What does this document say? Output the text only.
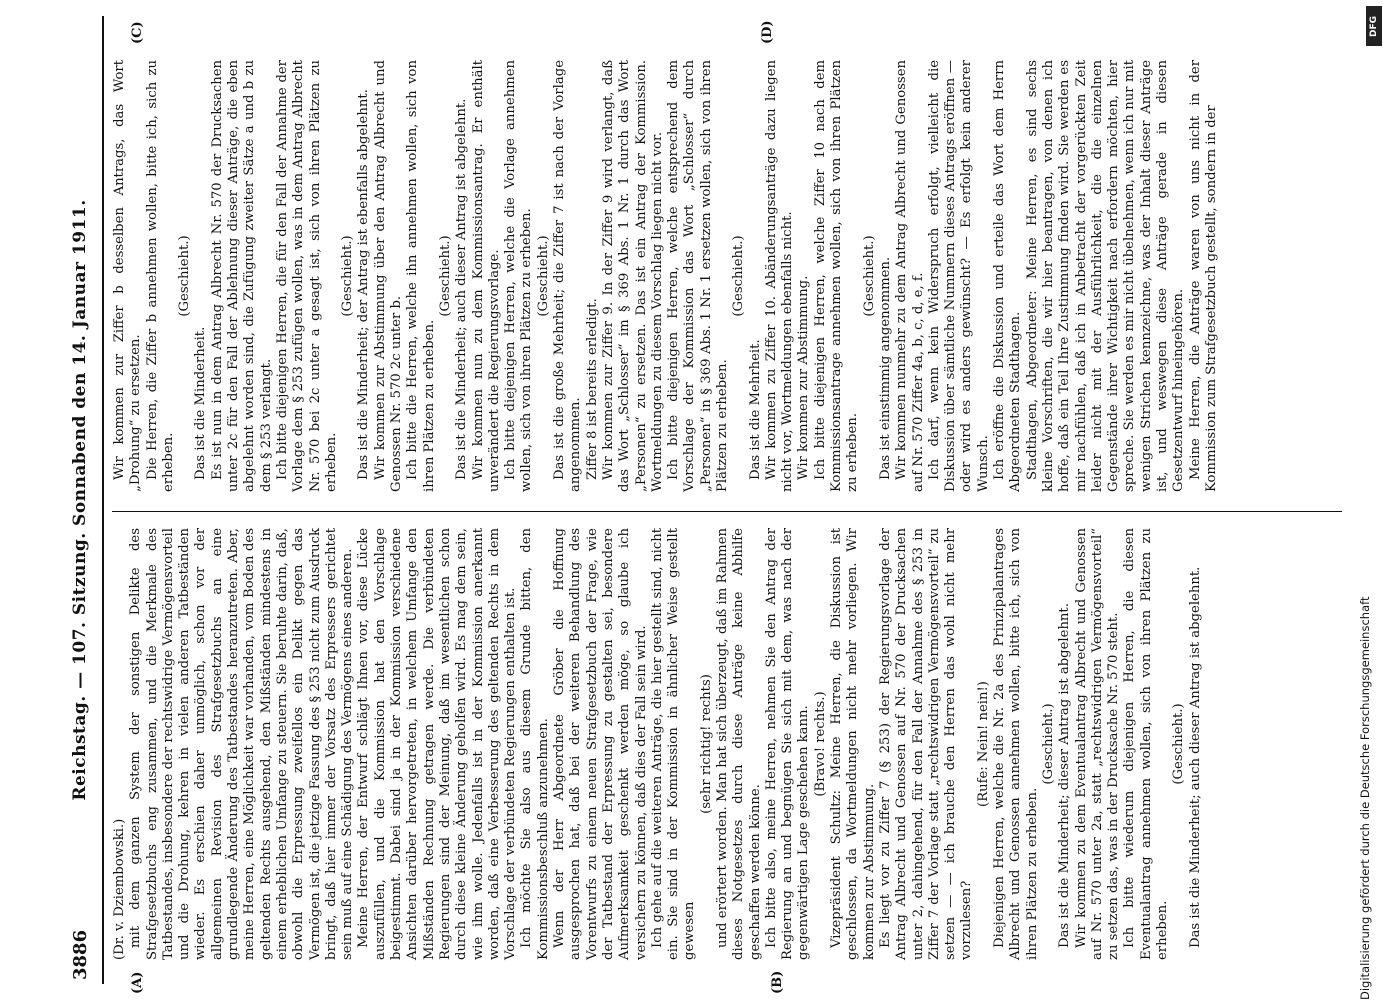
3886
Reichstag. — 107. Sitzung. Sonnabend den 14. Januar 1911.
(A)	(B)
(C)	(D)

(Dr. v. Dziembowski.) mit dem ganzen System der sonstigen Delikte des Strafgesetzbuchs eng zusammen, und die Merkmale des Tatbestandes, insbesondere der rechtswidrige Vermögensvorteil und die Drohung, kehren in vielen anderen Tatbeständen wieder. Es erschien daher unmöglich, schon vor der allgemeinen Revision des Strafgesetzbuchs an eine grundlegende Änderung des Tatbestandes heranzutreten. Aber, meine Herren, eine Möglichkeit war vorhanden, vom Boden des geltenden Rechts ausgehend, den Mißständen mindestens in einem erheblichen Umfange zu steuern. Sie beruhte darin, daß, obwohl die Erpressung zweifellos ein Delikt gegen das Vermögen ist, die jetzige Fassung des § 253 nicht zum Ausdruck bringt, daß hier immer der Vorsatz des Erpressers gerichtet sein muß auf eine Schädigung des Vermögens eines anderen. Meine Herren, der Entwurf schlägt Ihnen vor, diese Lücke auszufüllen, und die Kommission hat den Vorschlage beigestimmt. Dabei sind ja in der Kommission verschiedene Ansichten darüber hervorgetreten, in welchem Umfange den Mißständen Rechnung getragen werde. Die verbündeten Regierungen sind der Meinung, daß im wesentlichen schon durch diese kleine Änderung geholfen wird. Es mag dem sein, wie ihm wolle. Jedenfalls ist in der Kommission anerkannt worden, daß eine Verbesserung des geltenden Rechts in dem Vorschlage der verbündeten Regierungen enthalten ist. Ich möchte Sie also aus diesem Grunde bitten, den Kommissionsbeschluß anzunehmen. Wenn der Herr Abgeordnete Gröber die Hoffnung ausgesprochen hat, daß bei der weiteren Behandlung des Vorentwurfs zu einem neuen Strafgesetzbuch der Frage, wie der Tatbestand der Erpressung zu gestalten sei, besondere Aufmerksamkeit geschenkt werden möge, so glaube ich versichern zu können, daß dies der Fall sein wird. Ich gehe auf die weiteren Anträge, die hier gestellt sind, nicht ein. Sie sind in der Kommission in ähnlicher Weise gestellt gewesen

(sehr richtig! rechts) und erörtert worden. Man hat sich überzeugt, daß im Rahmen dieses Notgesetzes durch diese Anträge keine Abhilfe geschaffen werden könne. Ich bitte also, meine Herren, nehmen Sie den Antrag der Regierung an und begnügen Sie sich mit dem, was nach der gegenwärtigen Lage geschehen kann. (Bravo! rechts.) Vizepräsident Schultz: Meine Herren, die Diskussion ist geschlossen, da Wortmeldungen nicht mehr vorliegen. Wir kommen zur Abstimmung. Es liegt vor zu Ziffer 7 (§ 253) der Regierungsvorlage der Antrag Albrecht und Genossen auf Nr. 570 der Drucksachen unter 2, dahingehend, für den Fall der Annahme des § 253 in Ziffer 7 der Vorlage statt „rechtswidrigen Vermögensvorteil“ zu setzen — — ich brauche den Herren das wohl nicht mehr vorzulesen?

(Rufe: Nein! nein!) Diejenigen Herren, welche die Nr. 2a des Prinzipalantrages Albrecht und Genossen annehmen wollen, bitte ich, sich von ihren Plätzen zu erheben.

(Geschieht.) Das ist die Minderheit; dieser Antrag ist abgelehnt. Wir kommen zu dem Eventualantrag Albrecht und Genossen auf Nr. 570 unter 2a, statt „rechtswidrigen Vermögensvorteil“ zu setzen das, was in der Drucksache Nr. 570 steht. Ich bitte wiederum diejenigen Herren, die diesen Eventualantrag annehmen wollen, sich von ihren Plätzen zu erheben.

(Geschieht.) Das ist die Minderheit; auch dieser Antrag ist abgelehnt.

Wir kommen zur Ziffer b desselben Antrags, das Wort „Drohung“ zu ersetzen. Die Herren, die Ziffer b annehmen wollen, bitte ich, sich zu erheben.

(Geschieht.)

Das ist die Minderheit. Es ist nun in dem Antrag Albrecht Nr. 570 der Drucksachen unter 2c für den Fall der Ablehnung dieser Anträge, die eben abgelehnt worden sind, die Zufügung zweiter Sätze a und b zu dem § 253 verlangt. Ich bitte diejenigen Herren, die für den Fall der Annahme der Vorlage dem § 253 zufügen wollen, was in dem Antrag Albrecht Nr. 570 bei 2c unter a gesagt ist, sich von ihren Plätzen zu erheben.

(Geschieht.) Das ist die Minderheit; der Antrag ist ebenfalls abgelehnt. Wir kommen zur Abstimmung über den Antrag Albrecht und Genossen Nr. 570 2c unter b. Ich bitte die Herren, welche ihn annehmen wollen, sich von ihren Plätzen zu erheben.

(Geschieht.) Das ist die Minderheit; auch dieser Antrag ist abgelehnt. Wir kommen nun zu dem Kommissionsantrag. Er enthält unverändert die Regierungsvorlage. Ich bitte diejenigen Herren, welche die Vorlage annehmen wollen, sich von ihren Plätzen zu erheben. (Geschieht.) Das ist die große Mehrheit; die Ziffer 7 ist nach der Vorlage angenommen. Ziffer 8 ist bereits erledigt. Wir kommen zur Ziffer 9. In der Ziffer 9 wird verlangt, daß das Wort „Schlosser“ im § 369 Abs. 1 Nr. 1 durch das Wort „Personen“ zu ersetzen. Das ist ein Antrag der Kommission. Wortmeldungen zu diesem Vorschlag liegen nicht vor. Ich bitte diejenigen Herren, welche entsprechend dem Vorschlage der Kommission das Wort „Schlosser“ durch „Personen“ in § 369 Abs. 1 Nr. 1 ersetzen wollen, sich von ihren Plätzen zu erheben.

(Geschieht.)

Das ist die Mehrheit. Wir kommen zu Ziffer 10. Abänderungsanträge dazu liegen nicht vor, Wortmeldungen ebenfalls nicht. Wir kommen zur Abstimmung. Ich bitte diejenigen Herren, welche Ziffer 10 nach dem Kommissionsantrage annehmen wollen, sich von ihren Plätzen zu erheben.

(Geschieht.) Das ist einstimmig angenommen. Wir kommen nunmehr zu dem Antrag Albrecht und Genossen auf Nr. 570 Ziffer 4a, b, c, d, e, f. Ich darf, wenn kein Widerspruch erfolgt, vielleicht die Diskussion über sämtliche Nummern dieses Antrags eröffnen — oder wird es anders gewünscht? — Es erfolgt kein anderer Wunsch. Ich eröffne die Diskussion und erteile das Wort dem Herrn Abgeordneten Stadthagen. Stadthagen, Abgeordneter: Meine Herren, es sind sechs kleine Vorschriften, die wir hier beantragen, von denen ich hoffe, daß ein Teil Ihre Zustimmung finden wird. Sie werden es mir nachfühlen, daß ich in Anbetracht der vorgerückten Zeit leider nicht mit der Ausführlichkeit, die die einzelnen Gegenstände ihrer Wichtigkeit nach erfordern möchten, hier spreche. Sie werden es mir nicht übelnehmen, wenn ich nur mit wenigen Strichen kennzeichne, was der Inhalt dieser Anträge ist, und weswegen diese Anträge gerade in diesen Gesetzentwurf hineingehören. Meine Herren, die Anträge waren von uns nicht in der Kommission zum Strafgesetzbuch gestellt, sondern in der

Digitalisierung gefördert durch die Deutsche Forschungsgemeinschaft
DFG
